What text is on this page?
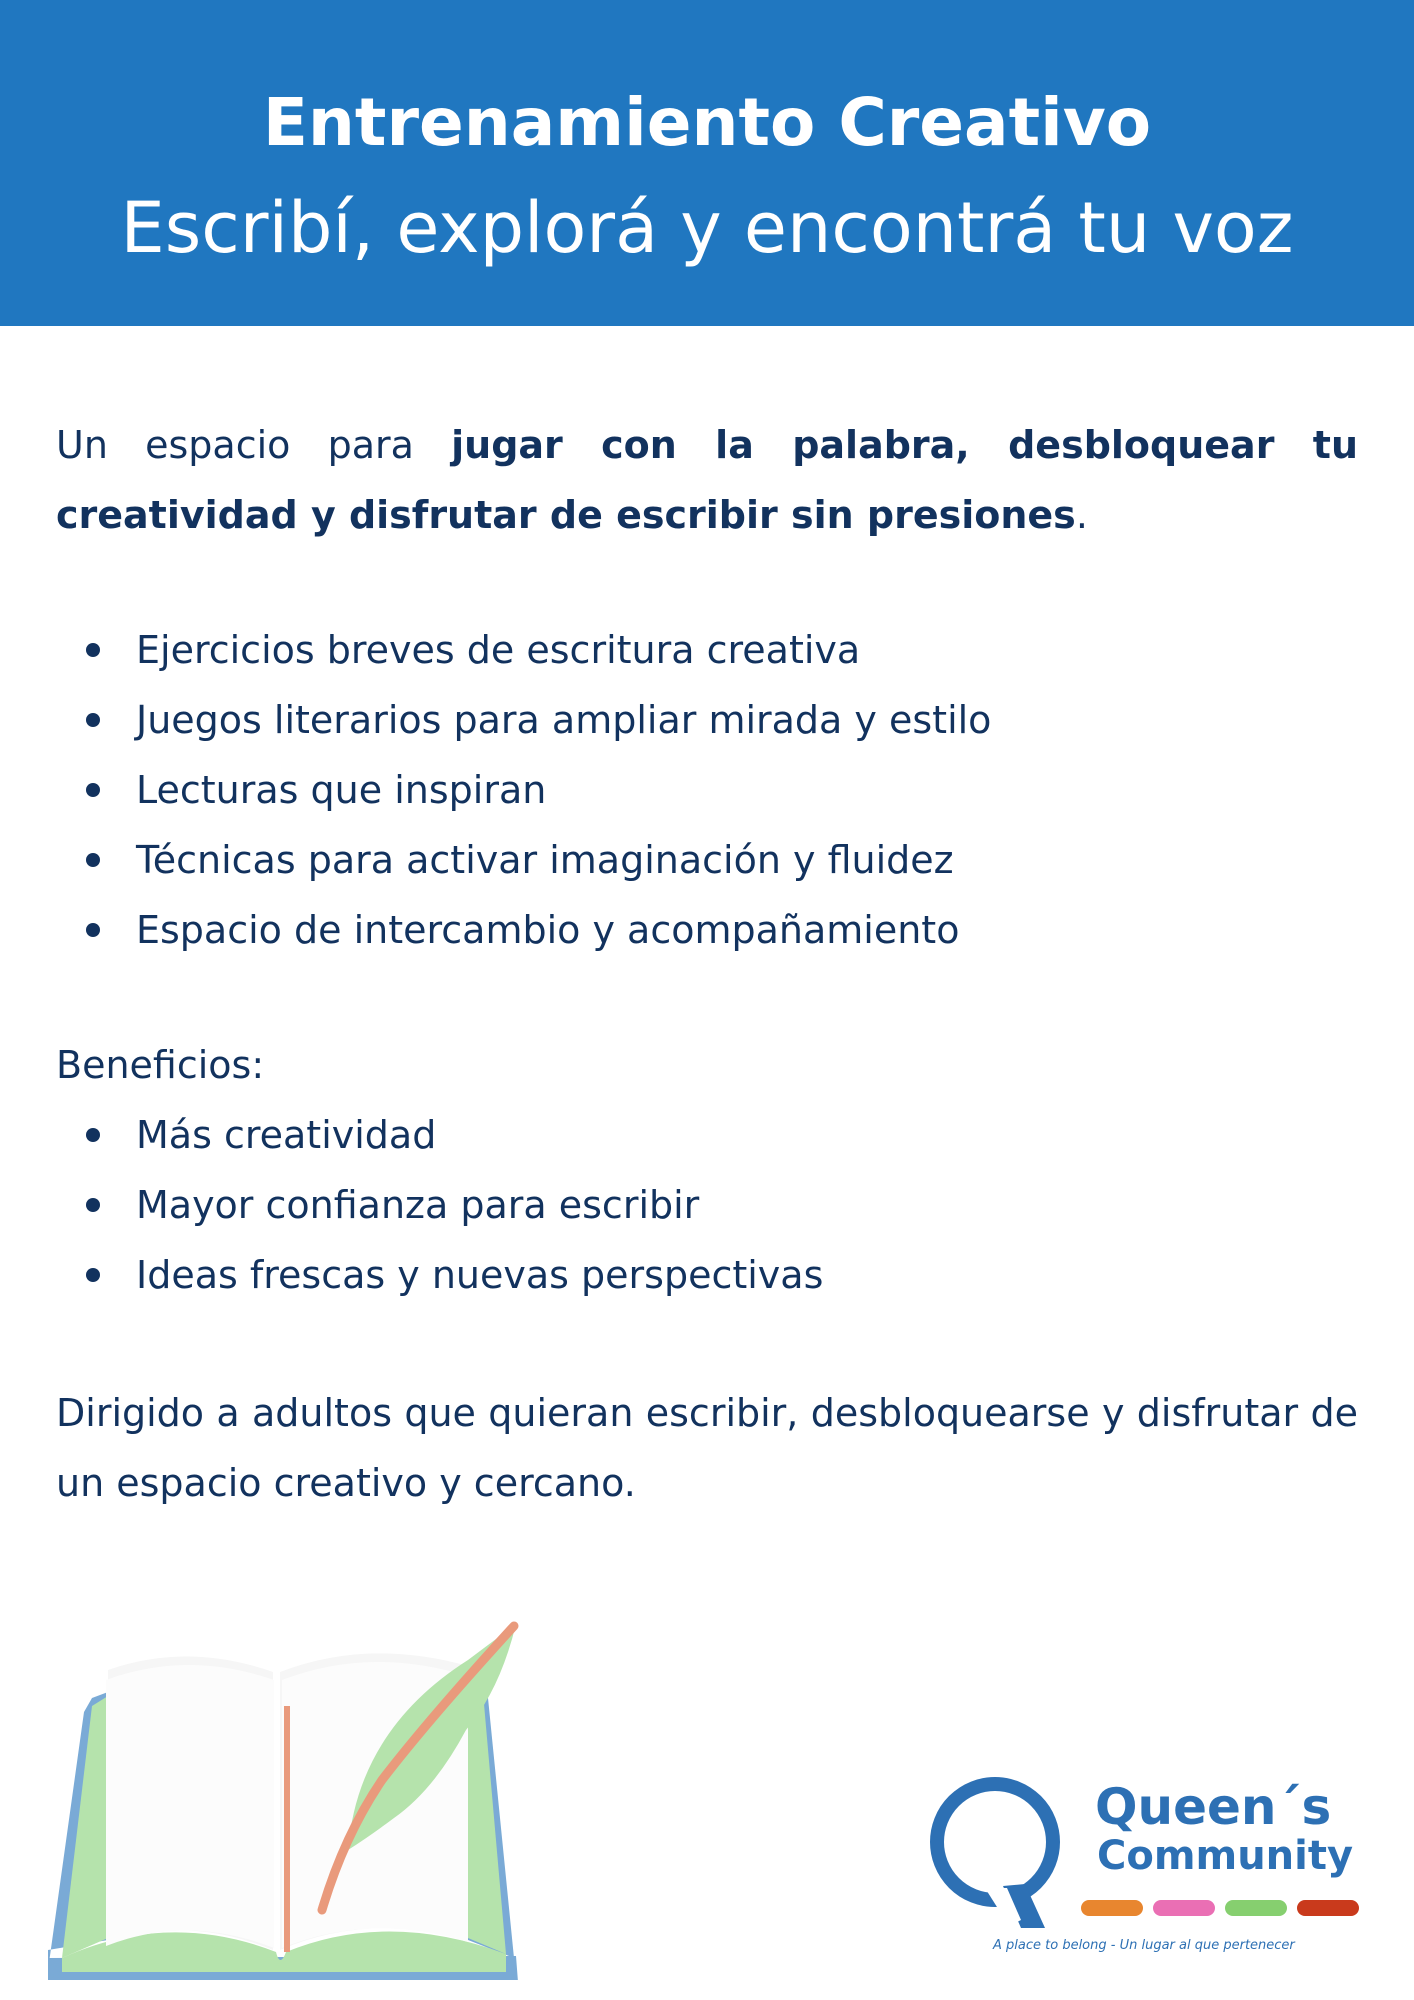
Entrenamiento Creativo
Escribí, explorá y encontrá tu voz

Un espacio para jugar con la palabra, desbloquear tu creatividad y disfrutar de escribir sin presiones.

Ejercicios breves de escritura creativa
Juegos literarios para ampliar mirada y estilo
Lecturas que inspiran
Técnicas para activar imaginación y fluidez
Espacio de intercambio y acompañamiento
Beneficios:
Más creatividad
Mayor confianza para escribir
Ideas frescas y nuevas perspectivas

Dirigido a adultos que quieran escribir, desbloquearse y disfrutar de un espacio creativo y cercano.

Queen´s
Community
A place to belong - Un lugar al que pertenecer
